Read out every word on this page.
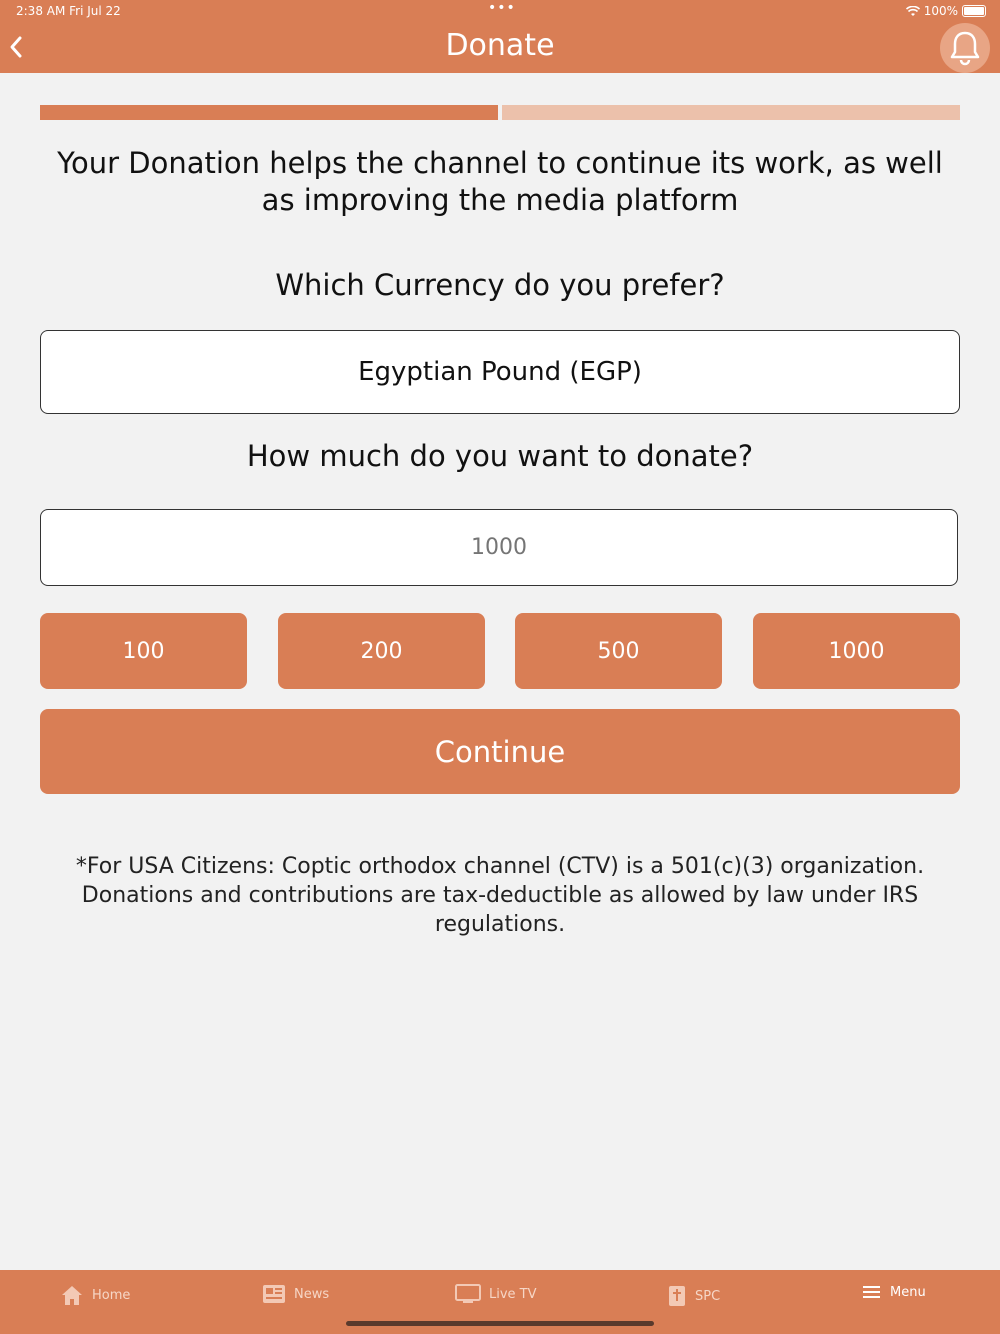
2:38 AM Fri Jul 22	•••	100%
Donate
Your Donation helps the channel to continue its work, as well as improving the media platform
Which Currency do you prefer?
Egyptian Pound (EGP)
How much do you want to donate?
1000
100	200	500	1000
Continue
*For USA Citizens: Coptic orthodox channel (CTV) is a 501(c)(3) organization. Donations and contributions are tax-deductible as allowed by law under IRS regulations.
Home	News	Live TV	SPC	Menu
